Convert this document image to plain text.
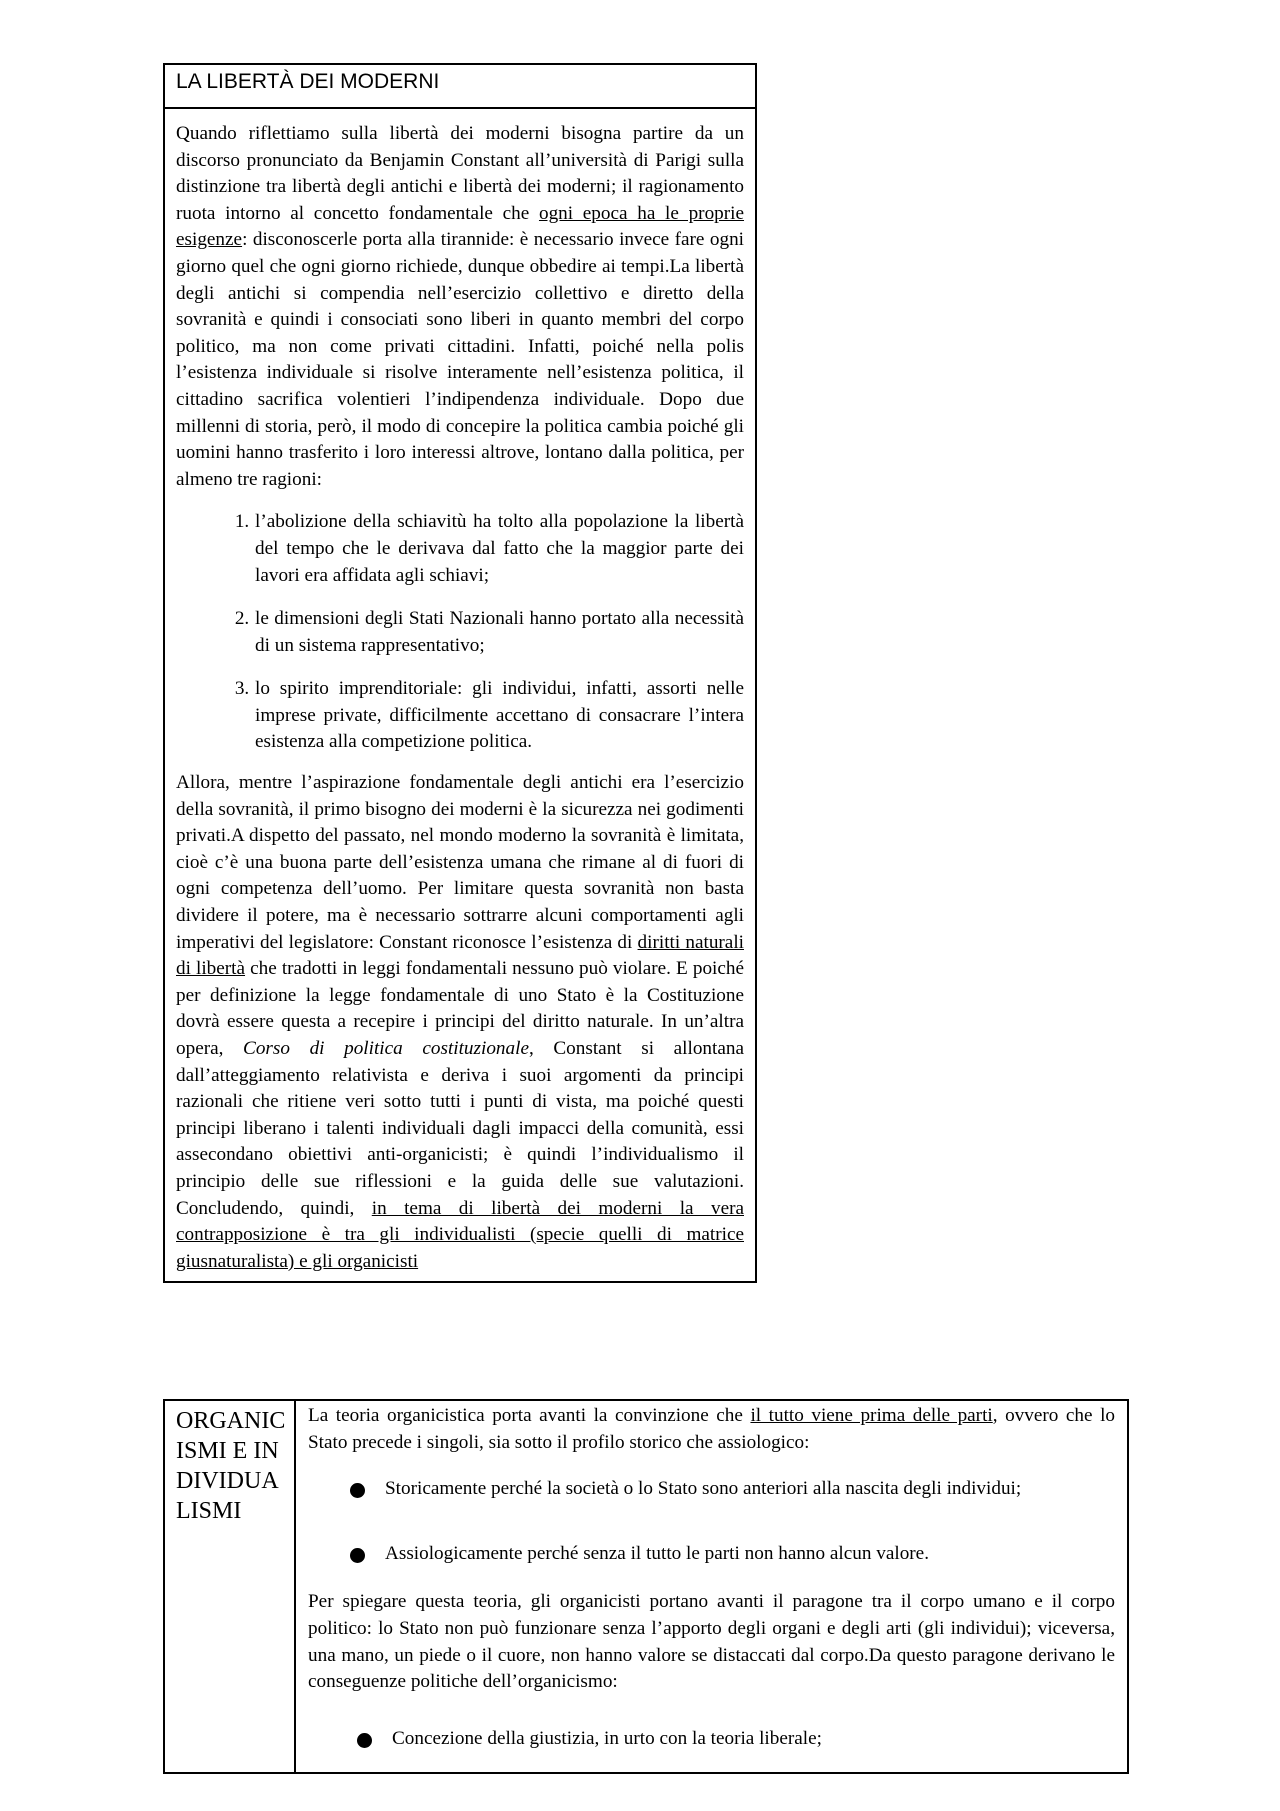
LA LIBERTÀ DEI MODERNI

Quando riflettiamo sulla libertà dei moderni bisogna partire da un discorso pronunciato da Benjamin Constant all’università di Parigi sulla distinzione tra libertà degli antichi e libertà dei moderni; il ragionamento ruota intorno al concetto fondamentale che ogni epoca ha le proprie esigenze: disconoscerle porta alla tirannide: è necessario invece fare ogni giorno quel che ogni giorno richiede, dunque obbedire ai tempi.La libertà degli antichi si compendia nell’esercizio collettivo e diretto della sovranità e quindi i consociati sono liberi in quanto membri del corpo politico, ma non come privati cittadini. Infatti, poiché nella polis l’esistenza individuale si risolve interamente nell’esistenza politica, il cittadino sacrifica volentieri l’indipendenza individuale. Dopo due millenni di storia, però, il modo di concepire la politica cambia poiché gli uomini hanno trasferito i loro interessi altrove, lontano dalla politica, per almeno tre ragioni:

1. l’abolizione della schiavitù ha tolto alla popolazione la libertà del tempo che le derivava dal fatto che la maggior parte dei lavori era affidata agli schiavi;
2. le dimensioni degli Stati Nazionali hanno portato alla necessità di un sistema rappresentativo;
3. lo spirito imprenditoriale: gli individui, infatti, assorti nelle imprese private, difficilmente accettano di consacrare l’intera esistenza alla competizione politica.

Allora, mentre l’aspirazione fondamentale degli antichi era l’esercizio della sovranità, il primo bisogno dei moderni è la sicurezza nei godimenti privati.A dispetto del passato, nel mondo moderno la sovranità è limitata, cioè c’è una buona parte dell’esistenza umana che rimane al di fuori di ogni competenza dell’uomo. Per limitare questa sovranità non basta dividere il potere, ma è necessario sottrarre alcuni comportamenti agli imperativi del legislatore: Constant riconosce l’esistenza di diritti naturali di libertà che tradotti in leggi fondamentali nessuno può violare. E poiché per definizione la legge fondamentale di uno Stato è la Costituzione dovrà essere questa a recepire i principi del diritto naturale. In un’altra opera, Corso di politica costituzionale, Constant si allontana dall’atteggiamento relativista e deriva i suoi argomenti da principi razionali che ritiene veri sotto tutti i punti di vista, ma poiché questi principi liberano i talenti individuali dagli impacci della comunità, essi assecondano obiettivi anti-organicisti; è quindi l’individualismo il principio delle sue riflessioni e la guida delle sue valutazioni. Concludendo, quindi, in tema di libertà dei moderni la vera contrapposizione è tra gli individualisti (specie quelli di matrice giusnaturalista) e gli organicisti

ORGANICISMI E INDIVIDUALISMI

La teoria organicistica porta avanti la convinzione che il tutto viene prima delle parti, ovvero che lo Stato precede i singoli, sia sotto il profilo storico che assiologico:

Storicamente perché la società o lo Stato sono anteriori alla nascita degli individui;
Assiologicamente perché senza il tutto le parti non hanno alcun valore.

Per spiegare questa teoria, gli organicisti portano avanti il paragone tra il corpo umano e il corpo politico: lo Stato non può funzionare senza l’apporto degli organi e degli arti (gli individui); viceversa, una mano, un piede o il cuore, non hanno valore se distaccati dal corpo.Da questo paragone derivano le conseguenze politiche dell’organicismo:

Concezione della giustizia, in urto con la teoria liberale;
